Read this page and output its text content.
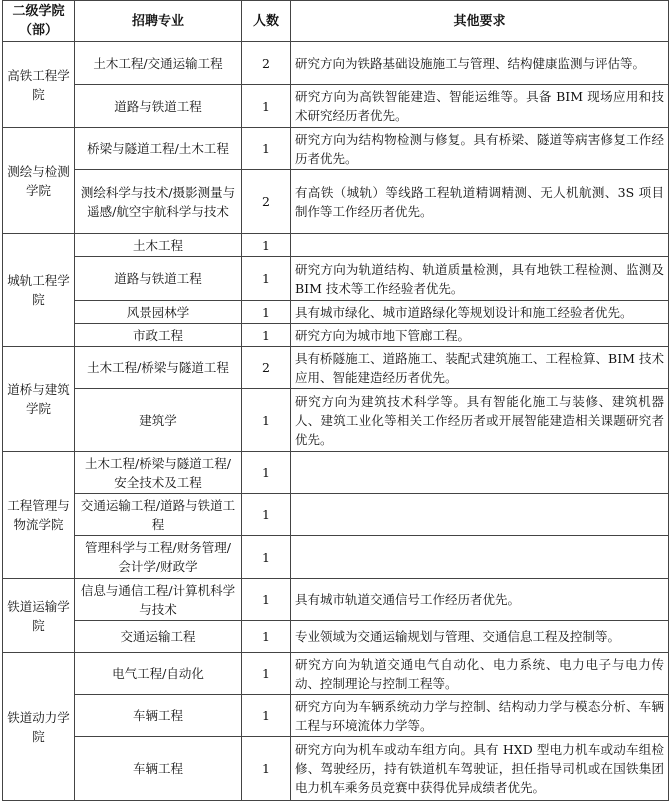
二级学院（部）	招聘专业	人数	其他要求
高铁工程学院	土木工程/交通运输工程	2	研究方向为铁路基础设施施工与管理、结构健康监测与评估等。
	道路与铁道工程	1	研究方向为高铁智能建造、智能运维等。具备 BIM 现场应用和技术研究经历者优先。
测绘与检测学院	桥梁与隧道工程/土木工程	1	研究方向为结构物检测与修复。具有桥梁、隧道等病害修复工作经历者优先。
	测绘科学与技术/摄影测量与遥感/航空宇航科学与技术	2	有高铁（城轨）等线路工程轨道精调精测、无人机航测、3S 项目制作等工作经历者优先。
城轨工程学院	土木工程	1	
	道路与铁道工程	1	研究方向为轨道结构、轨道质量检测，具有地铁工程检测、监测及 BIM 技术等工作经验者优先。
	风景园林学	1	具有城市绿化、城市道路绿化等规划设计和施工经验者优先。
	市政工程	1	研究方向为城市地下管廊工程。
道桥与建筑学院	土木工程/桥梁与隧道工程	2	具有桥隧施工、道路施工、装配式建筑施工、工程检算、BIM 技术应用、智能建造经历者优先。
	建筑学	1	研究方向为建筑技术科学等。具有智能化施工与装修、建筑机器人、建筑工业化等相关工作经历者或开展智能建造相关课题研究者优先。
工程管理与物流学院	土木工程/桥梁与隧道工程/安全技术及工程	1	
	交通运输工程/道路与铁道工程	1	
	管理科学与工程/财务管理/会计学/财政学	1	
铁道运输学院	信息与通信工程/计算机科学与技术	1	具有城市轨道交通信号工作经历者优先。
	交通运输工程	1	专业领域为交通运输规划与管理、交通信息工程及控制等。
铁道动力学院	电气工程/自动化	1	研究方向为轨道交通电气自动化、电力系统、电力电子与电力传动、控制理论与控制工程等。
	车辆工程	1	研究方向为车辆系统动力学与控制、结构动力学与模态分析、车辆工程与环境流体力学等。
	车辆工程	1	研究方向为机车或动车组方向。具有 HXD 型电力机车或动车组检修、驾驶经历，持有铁道机车驾驶证，担任指导司机或在国铁集团电力机车乘务员竞赛中获得优异成绩者优先。
